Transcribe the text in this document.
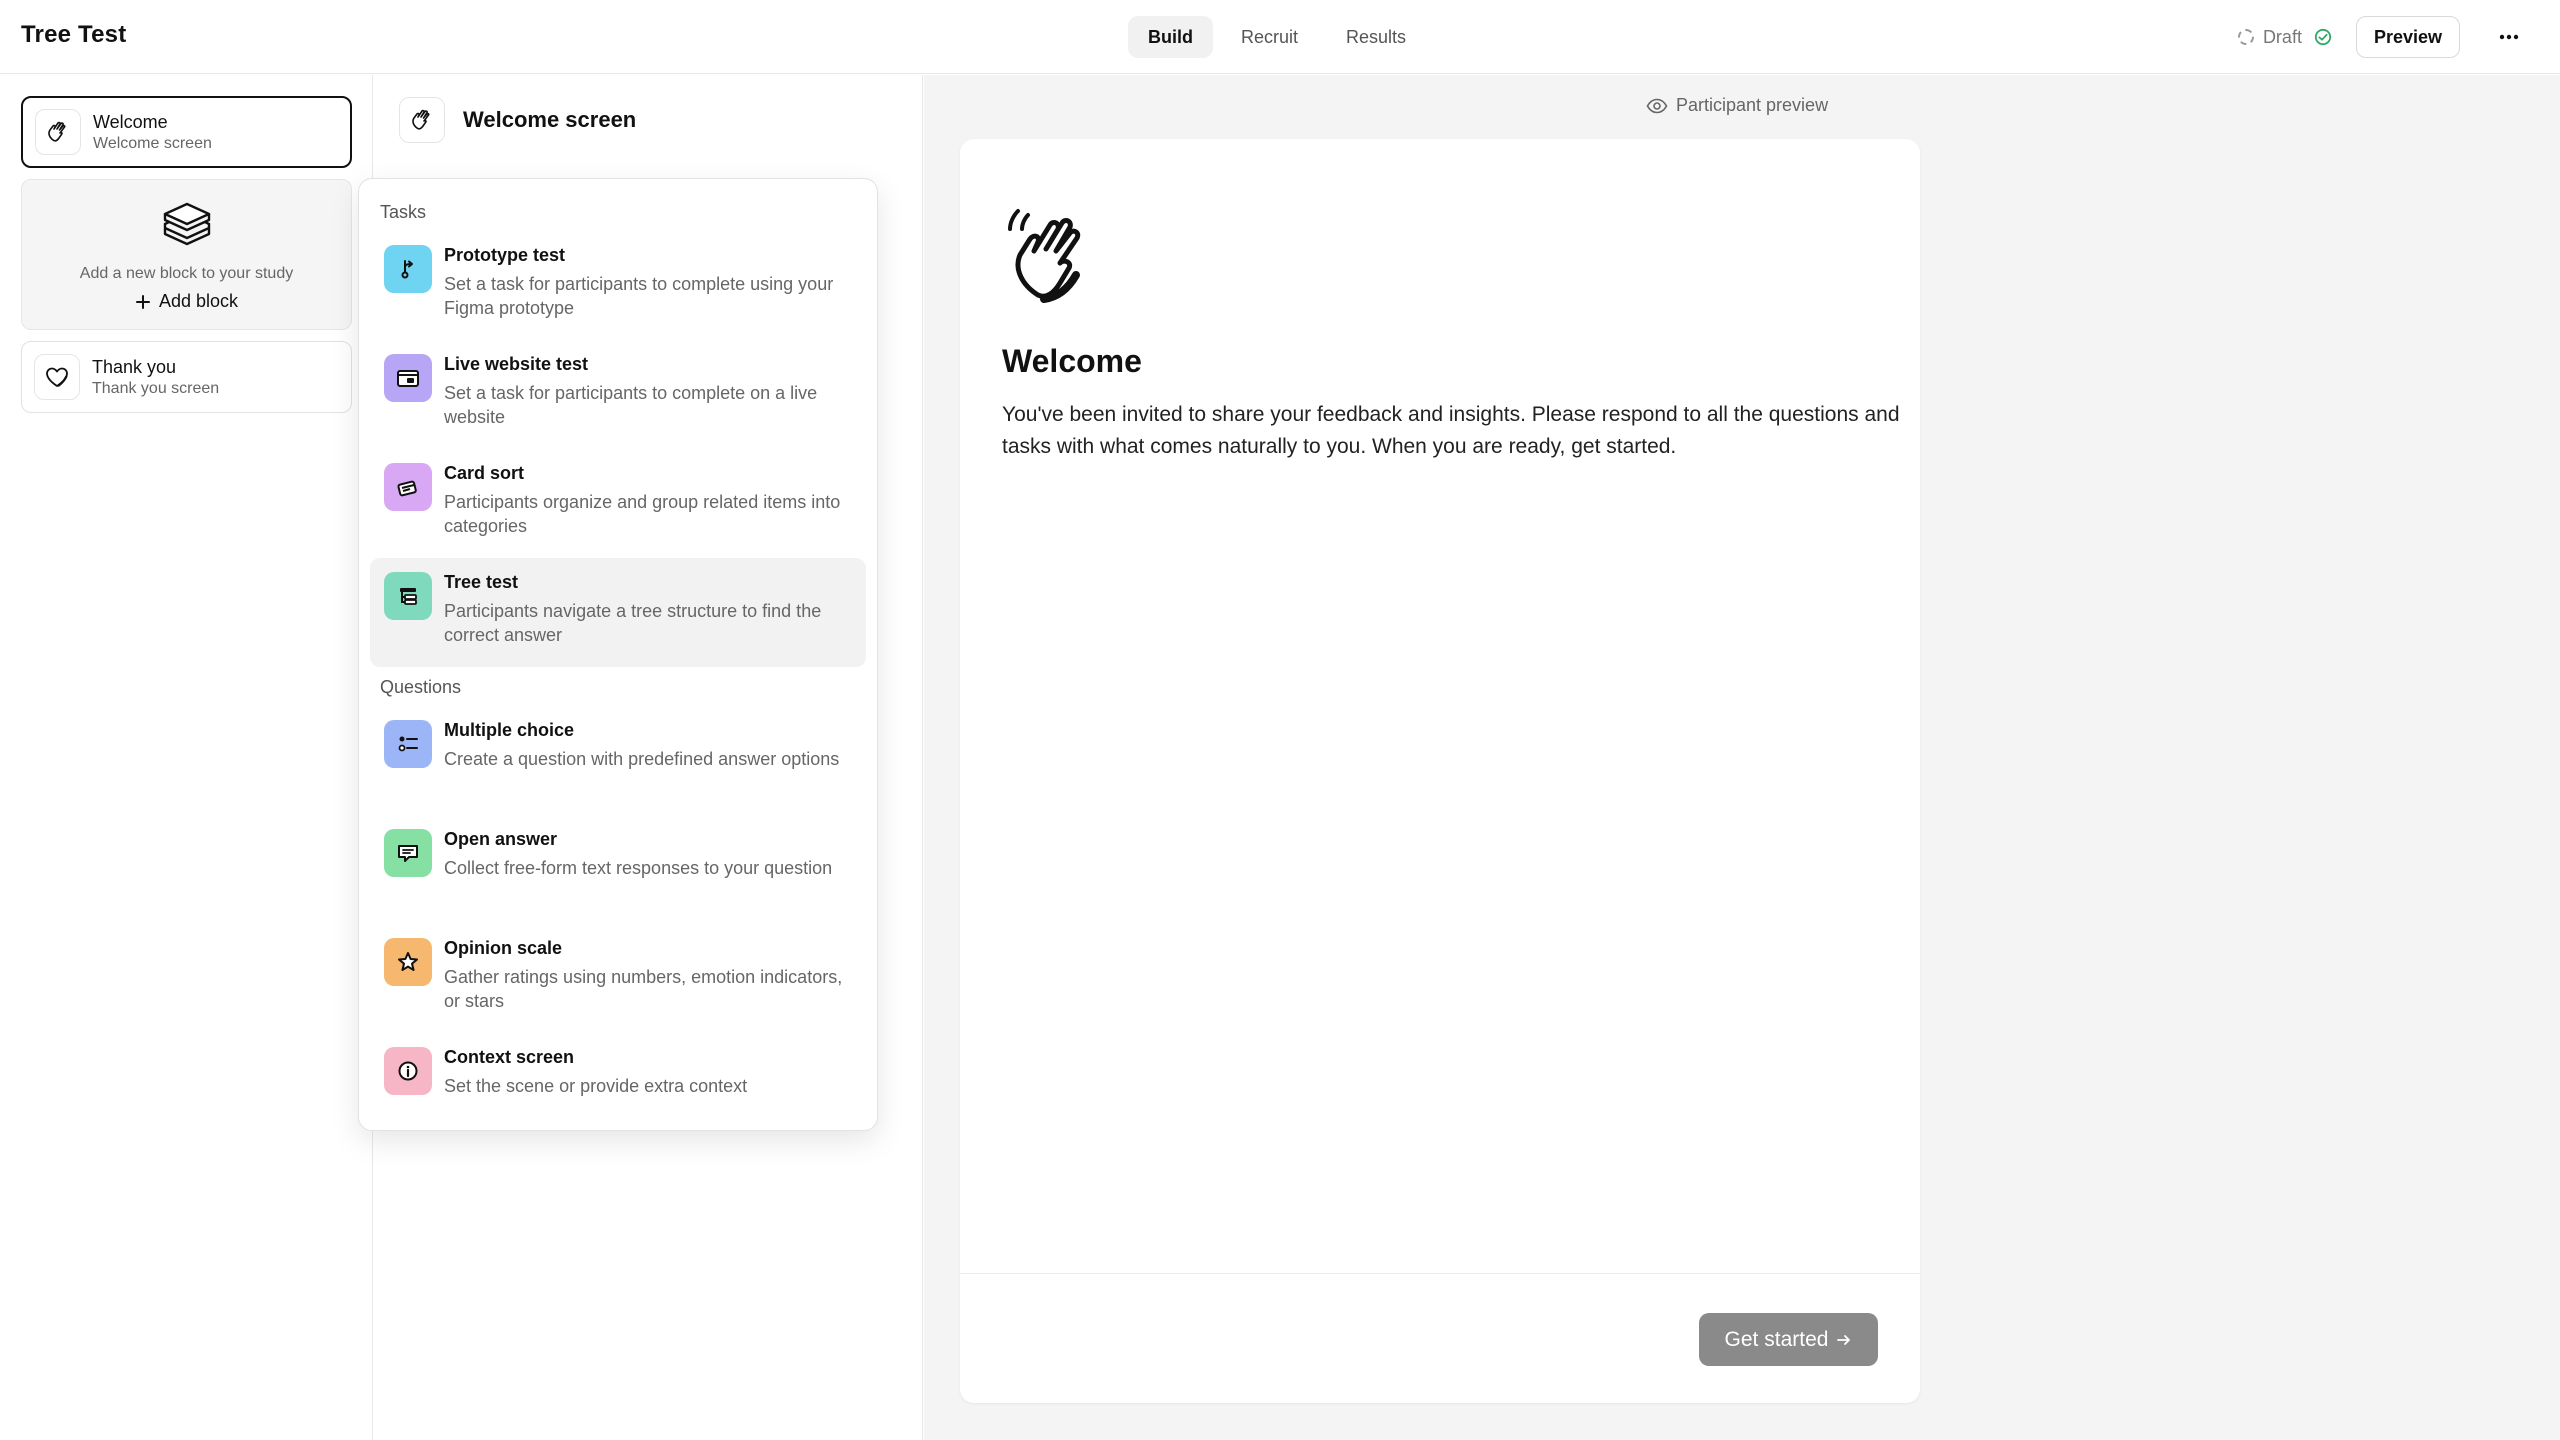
Tree Test	Build	Recruit	Results	Draft	Preview
Welcome
Welcome screen
Add a new block to your study
Add block
Thank you
Thank you screen
Welcome screen
Participant preview
Welcome
You've been invited to share your feedback and insights. Please respond to all the questions and tasks with what comes naturally to you. When you are ready, get started.
Get started
Tasks
Prototype test
Set a task for participants to complete using your Figma prototype
Live website test
Set a task for participants to complete on a live website
Card sort
Participants organize and group related items into categories
Tree test
Participants navigate a tree structure to find the correct answer
Questions
Multiple choice
Create a question with predefined answer options
Open answer
Collect free-form text responses to your question
Opinion scale
Gather ratings using numbers, emotion indicators, or stars
Context screen
Set the scene or provide extra context
